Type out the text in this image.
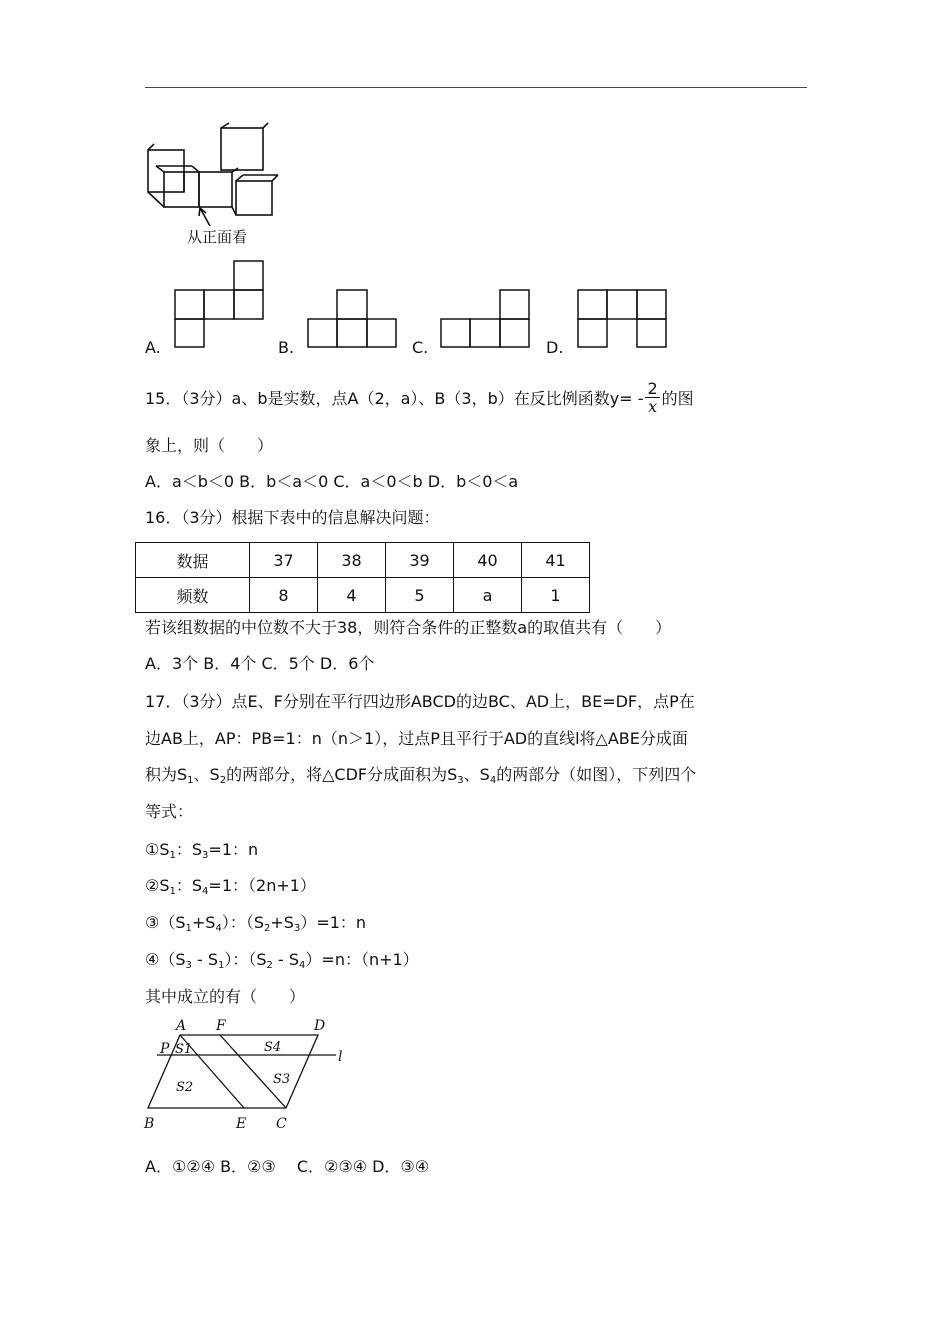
从正面看
A.	B.	C.	D.
15．（3分）a、b是实数，点A（2，a）、B（3，b）在反比例函数$y= - \frac{2}{x}$ 的图
象上，则（　　）
A．a＜b＜0 B．b＜a＜0 C．a＜0＜b D．b＜0＜a
16．（3分）根据下表中的信息解决问题：
数据	37	38	39	40	41
频数	8	4	5	a	1
若该组数据的中位数不大于38，则符合条件的正整数a的取值共有（　　）
A．3个 B．4个 C．5个 D．6个
17．（3分）点E、F分别在平行四边形ABCD的边BC、AD上，BE=DF，点P在
边AB上，AP：PB=1：n（n＞1），过点P且平行于AD的直线l将△ABE分成面
积为$S_1$、$S_2$的两部分，将△CDF分成面积为$S_3$、$S_4$的两部分（如图），下列四个
等式：
$①S_1$：$S_3=1$：n
$②S_1$：$S_4=1$：（2n+1）
$③(S_1+S_4)$：$(S_2+S_3)=1$：n
$④(S_3 - S_1)$：$(S_2 - S_4)=n$：（n+1）
其中成立的有（　　）
A F	D
P	l
S1	S4
S2
S3
B	E C
A．①②④ B．②③　 C．②③④ D．③④
